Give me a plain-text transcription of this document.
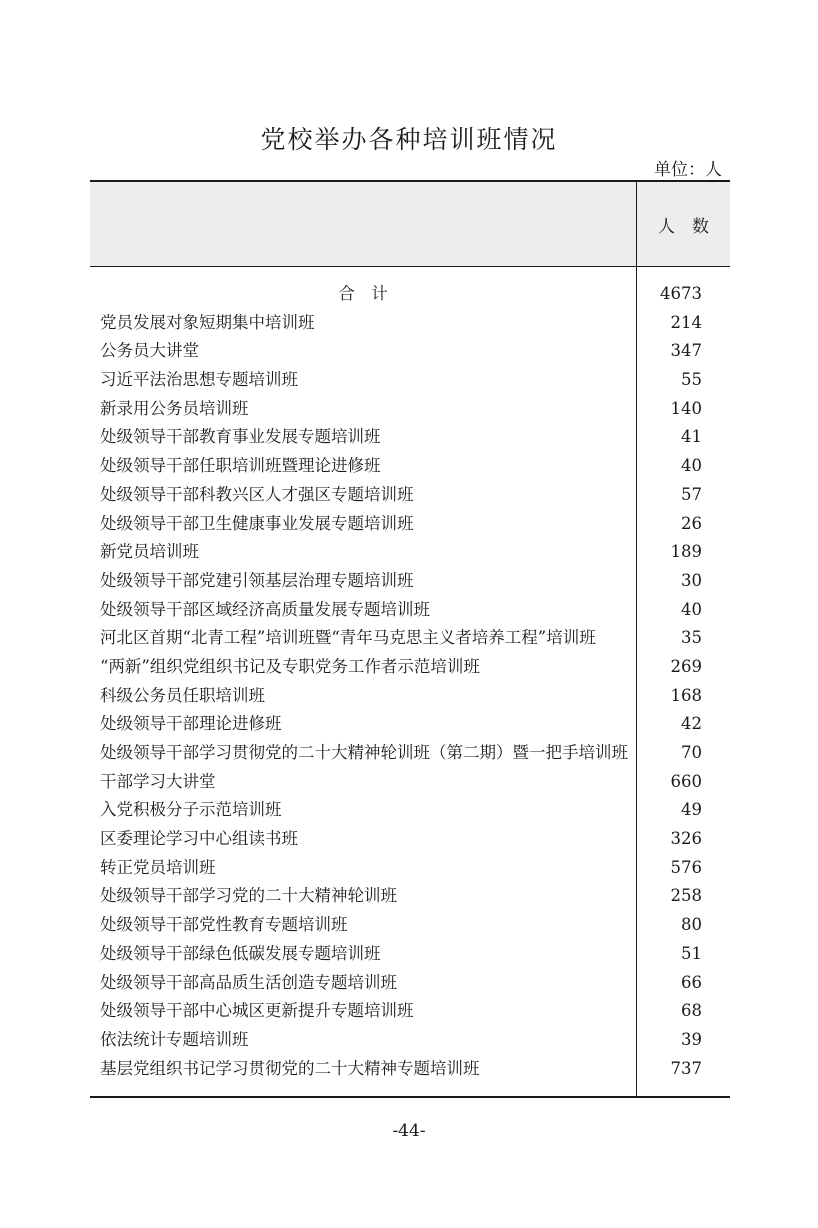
党校举办各种培训班情况
单位：人
人　数
合　计	4673
党员发展对象短期集中培训班	214
公务员大讲堂	347
习近平法治思想专题培训班	55
新录用公务员培训班	140
处级领导干部教育事业发展专题培训班	41
处级领导干部任职培训班暨理论进修班	40
处级领导干部科教兴区人才强区专题培训班	57
处级领导干部卫生健康事业发展专题培训班	26
新党员培训班	189
处级领导干部党建引领基层治理专题培训班	30
处级领导干部区域经济高质量发展专题培训班	40
河北区首期“北青工程”培训班暨“青年马克思主义者培养工程”培训班	35
“两新”组织党组织书记及专职党务工作者示范培训班	269
科级公务员任职培训班	168
处级领导干部理论进修班	42
处级领导干部学习贯彻党的二十大精神轮训班（第二期）暨一把手培训班	70
干部学习大讲堂	660
入党积极分子示范培训班	49
区委理论学习中心组读书班	326
转正党员培训班	576
处级领导干部学习党的二十大精神轮训班	258
处级领导干部党性教育专题培训班	80
处级领导干部绿色低碳发展专题培训班	51
处级领导干部高品质生活创造专题培训班	66
处级领导干部中心城区更新提升专题培训班	68
依法统计专题培训班	39
基层党组织书记学习贯彻党的二十大精神专题培训班	737
-44-
